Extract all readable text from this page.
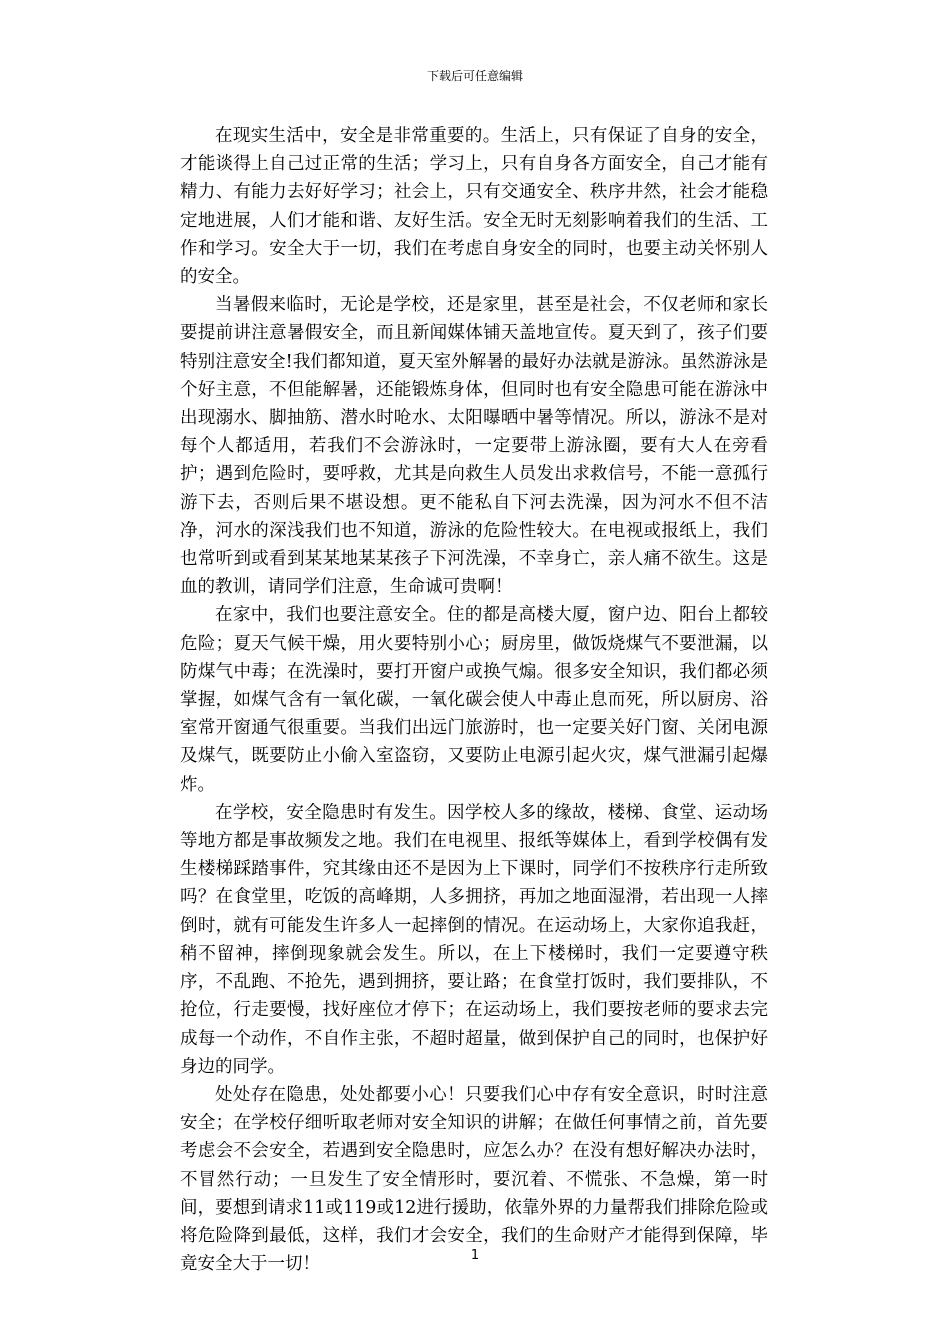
下载后可任意编辑

在现实生活中，安全是非常重要的。生活上，只有保证了自身的安全，才能谈得上自己过正常的生活；学习上，只有自身各方面安全，自己才能有精力、有能力去好好学习；社会上，只有交通安全、秩序井然，社会才能稳定地进展，人们才能和谐、友好生活。安全无时无刻影响着我们的生活、工作和学习。安全大于一切，我们在考虑自身安全的同时，也要主动关怀别人的安全。

当暑假来临时，无论是学校，还是家里，甚至是社会，不仅老师和家长要提前讲注意暑假安全，而且新闻媒体铺天盖地宣传。夏天到了，孩子们要特别注意安全!我们都知道，夏天室外解暑的最好办法就是游泳。虽然游泳是个好主意，不但能解暑，还能锻炼身体，但同时也有安全隐患可能在游泳中出现溺水、脚抽筋、潜水时呛水、太阳曝晒中暑等情况。所以，游泳不是对每个人都适用，若我们不会游泳时，一定要带上游泳圈，要有大人在旁看护；遇到危险时，要呼救，尤其是向救生人员发出求救信号，不能一意孤行游下去，否则后果不堪设想。更不能私自下河去洗澡，因为河水不但不洁净，河水的深浅我们也不知道，游泳的危险性较大。在电视或报纸上，我们也常听到或看到某某地某某孩子下河洗澡，不幸身亡，亲人痛不欲生。这是血的教训，请同学们注意，生命诚可贵啊！

在家中，我们也要注意安全。住的都是高楼大厦，窗户边、阳台上都较危险；夏天气候干燥，用火要特别小心；厨房里，做饭烧煤气不要泄漏，以防煤气中毒；在洗澡时，要打开窗户或换气煽。很多安全知识，我们都必须掌握，如煤气含有一氧化碳，一氧化碳会使人中毒止息而死，所以厨房、浴室常开窗通气很重要。当我们出远门旅游时，也一定要关好门窗、关闭电源及煤气，既要防止小偷入室盗窃，又要防止电源引起火灾，煤气泄漏引起爆炸。

在学校，安全隐患时有发生。因学校人多的缘故，楼梯、食堂、运动场等地方都是事故频发之地。我们在电视里、报纸等媒体上，看到学校偶有发生楼梯踩踏事件，究其缘由还不是因为上下课时，同学们不按秩序行走所致吗？在食堂里，吃饭的高峰期，人多拥挤，再加之地面湿滑，若出现一人摔倒时，就有可能发生许多人一起摔倒的情况。在运动场上，大家你追我赶，稍不留神，摔倒现象就会发生。所以，在上下楼梯时，我们一定要遵守秩序，不乱跑、不抢先，遇到拥挤，要让路；在食堂打饭时，我们要排队，不抢位，行走要慢，找好座位才停下；在运动场上，我们要按老师的要求去完成每一个动作，不自作主张，不超时超量，做到保护自己的同时，也保护好身边的同学。

处处存在隐患，处处都要小心！只要我们心中存有安全意识，时时注意安全；在学校仔细听取老师对安全知识的讲解；在做任何事情之前，首先要考虑会不会安全，若遇到安全隐患时，应怎么办？在没有想好解决办法时，不冒然行动；一旦发生了安全情形时，要沉着、不慌张、不急燥，第一时间，要想到请求11或119或12进行援助，依靠外界的力量帮我们排除危险或将危险降到最低，这样，我们才会安全，我们的生命财产才能得到保障，毕竟安全大于一切！	1
